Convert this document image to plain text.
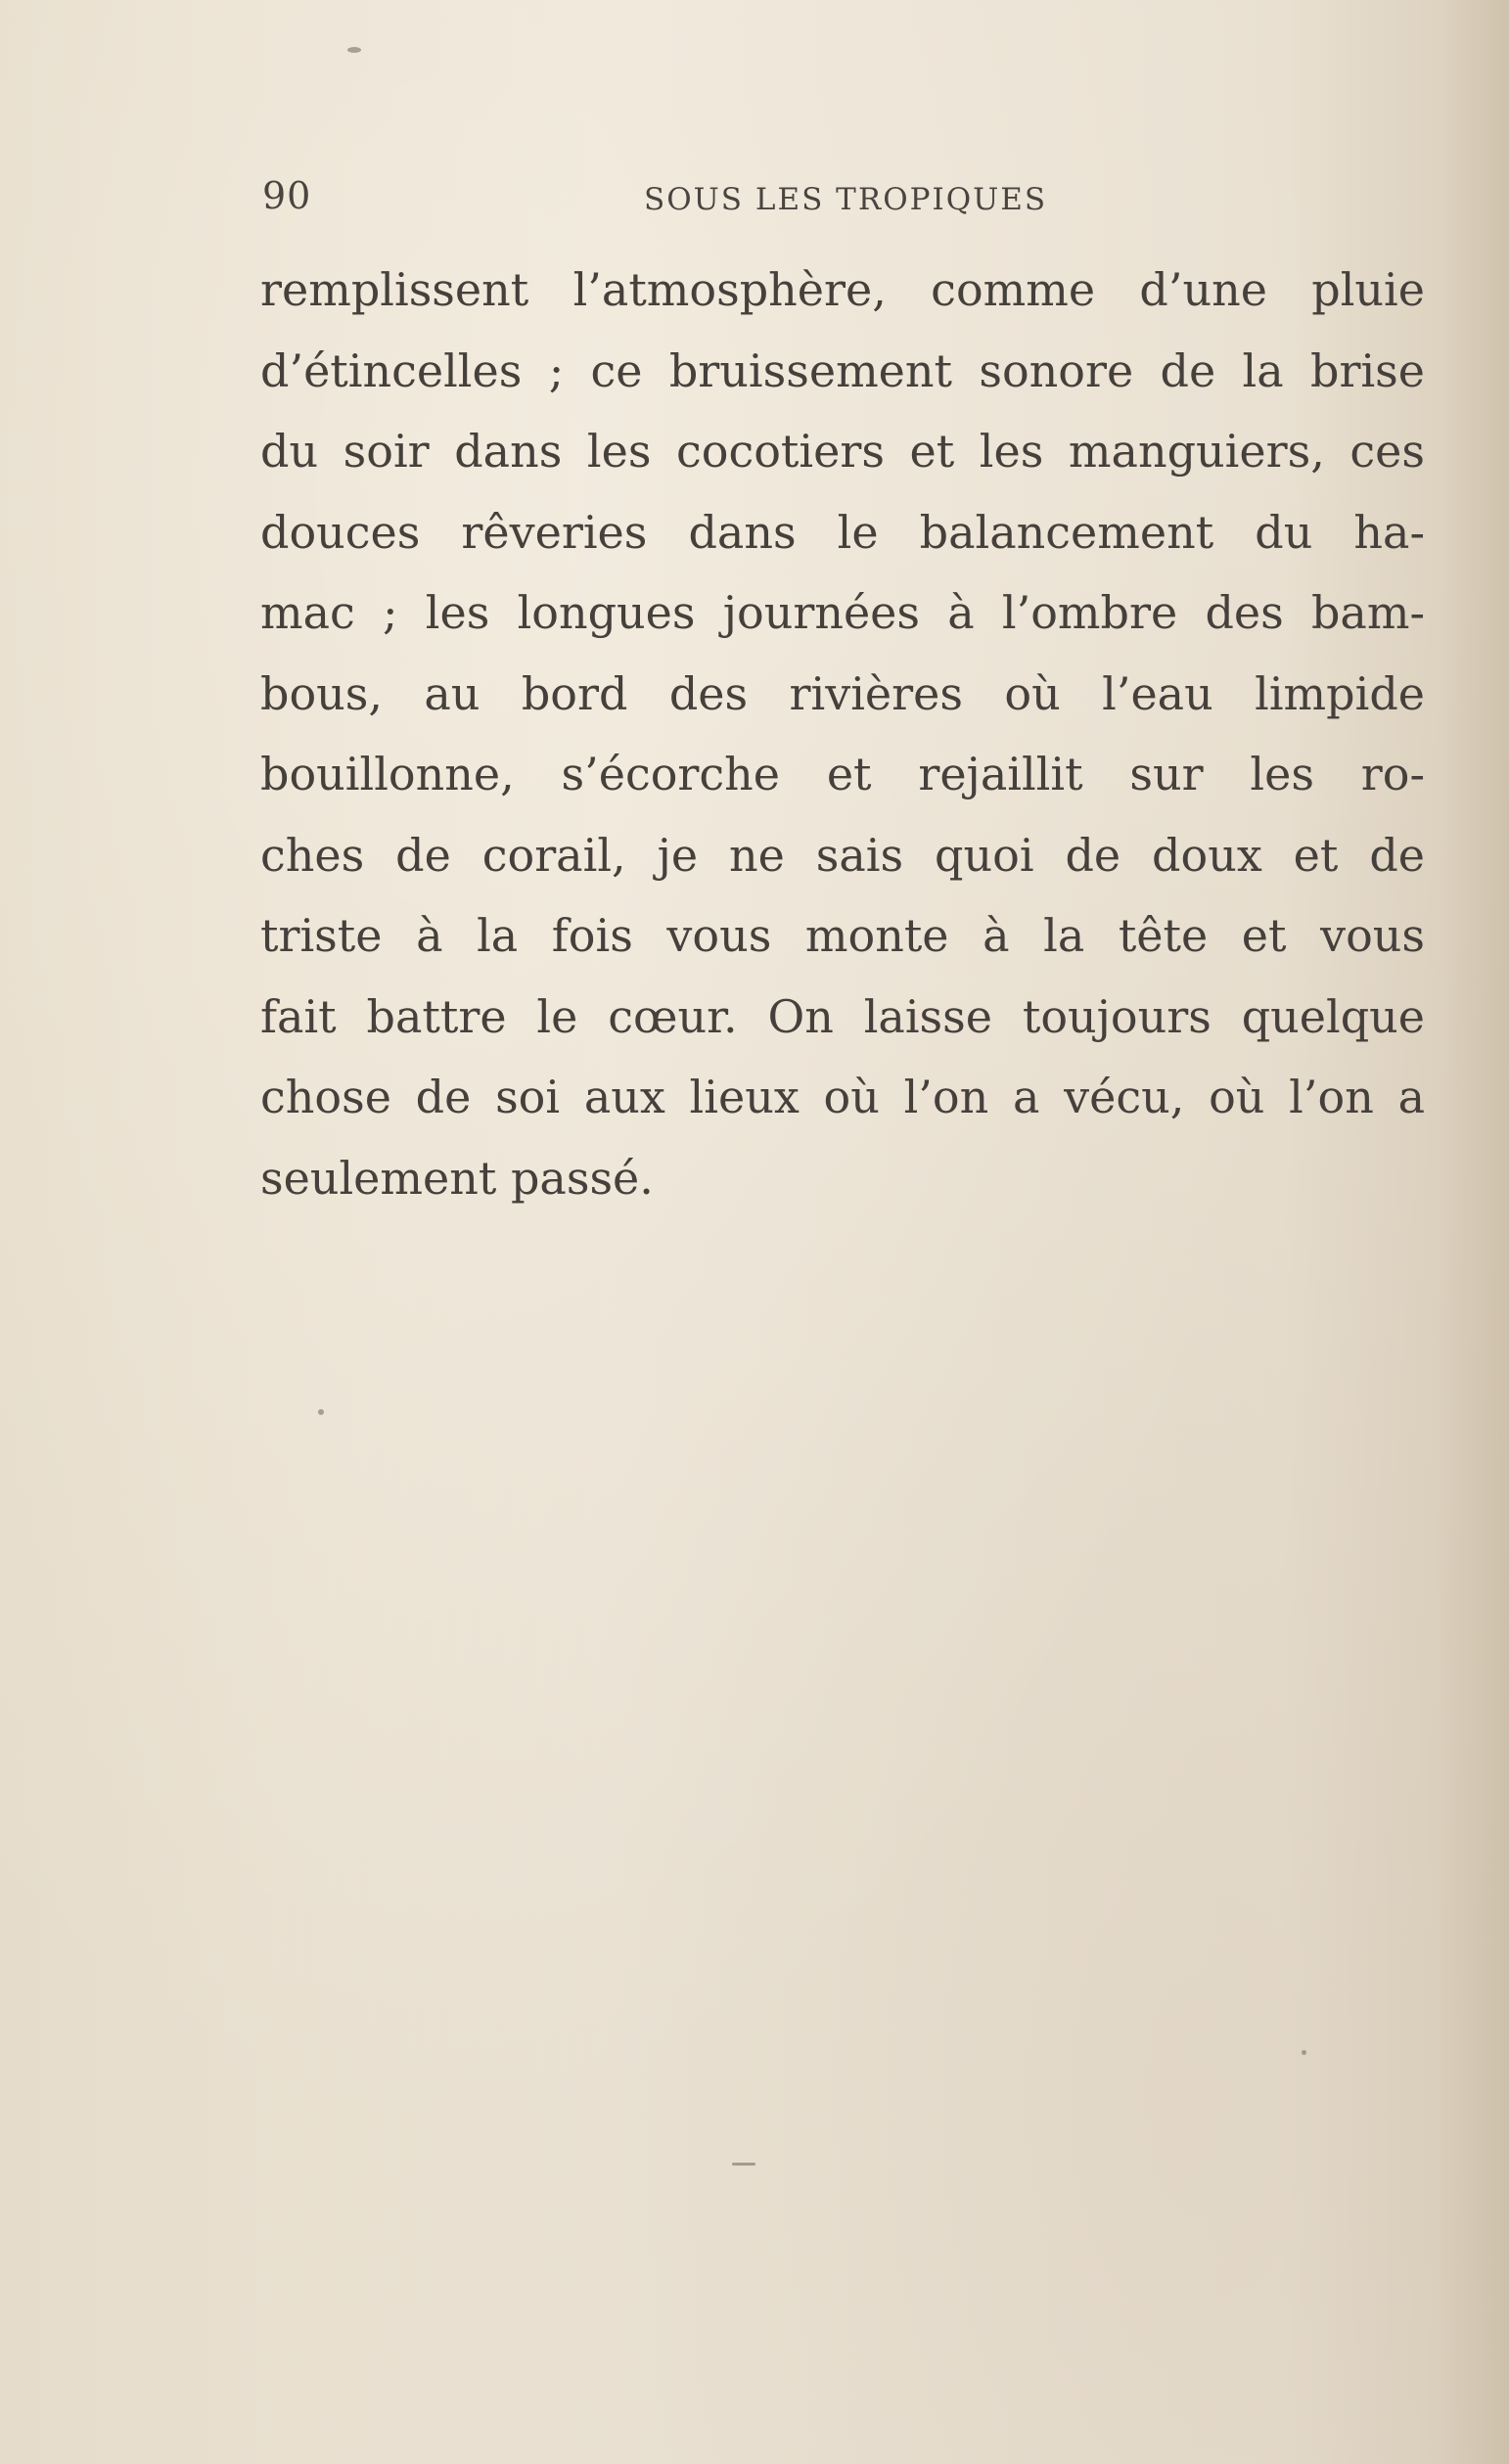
90	SOUS LES TROPIQUES
remplissent l’atmosphère, comme d’une pluie
d’étincelles ; ce bruissement sonore de la brise
du soir dans les cocotiers et les manguiers, ces
douces rêveries dans le balancement du ha-
mac ; les longues journées à l’ombre des bam-
bous, au bord des rivières où l’eau limpide
bouillonne, s’écorche et rejaillit sur les ro-
ches de corail, je ne sais quoi de doux et de
triste à la fois vous monte à la tête et vous
fait battre le cœur. On laisse toujours quelque
chose de soi aux lieux où l’on a vécu, où l’on a
seulement passé.
